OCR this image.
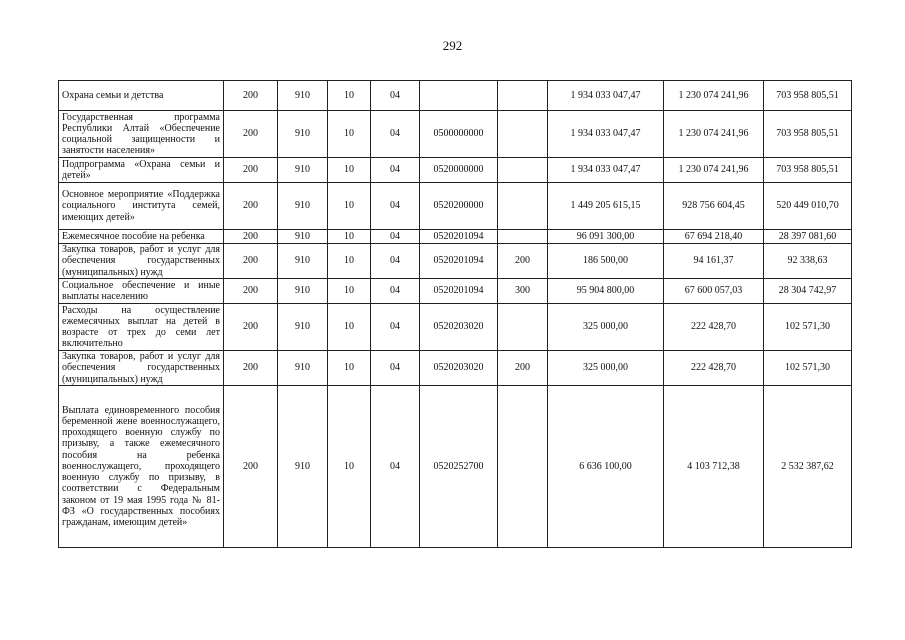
292
Охрана семьи и детства	200	910	10	04			1 934 033 047,47	1 230 074 241,96	703 958 805,51
Государственная программа Республики Алтай «Обеспечение социальной защищенности и занятости населения»	200	910	10	04	0500000000		1 934 033 047,47	1 230 074 241,96	703 958 805,51
Подпрограмма «Охрана семьи и детей»	200	910	10	04	0520000000		1 934 033 047,47	1 230 074 241,96	703 958 805,51
Основное мероприятие «Поддержка социального института семей, имеющих детей»	200	910	10	04	0520200000		1 449 205 615,15	928 756 604,45	520 449 010,70
Ежемесячное пособие на ребенка	200	910	10	04	0520201094		96 091 300,00	67 694 218,40	28 397 081,60
Закупка товаров, работ и услуг для обеспечения государственных (муниципальных) нужд	200	910	10	04	0520201094	200	186 500,00	94 161,37	92 338,63
Социальное обеспечение и иные выплаты населению	200	910	10	04	0520201094	300	95 904 800,00	67 600 057,03	28 304 742,97
Расходы на осуществление ежемесячных выплат на детей в возрасте от трех до семи лет включительно	200	910	10	04	0520203020		325 000,00	222 428,70	102 571,30
Закупка товаров, работ и услуг для обеспечения государственных (муниципальных) нужд	200	910	10	04	0520203020	200	325 000,00	222 428,70	102 571,30
Выплата единовременного пособия беременной жене военнослужащего, проходящего военную службу по призыву, а также ежемесячного пособия на ребенка военнослужащего, проходящего военную службу по призыву, в соответствии с Федеральным законом от 19 мая 1995 года № 81-ФЗ «О государственных пособиях гражданам, имеющим детей»	200	910	10	04	0520252700		6 636 100,00	4 103 712,38	2 532 387,62
